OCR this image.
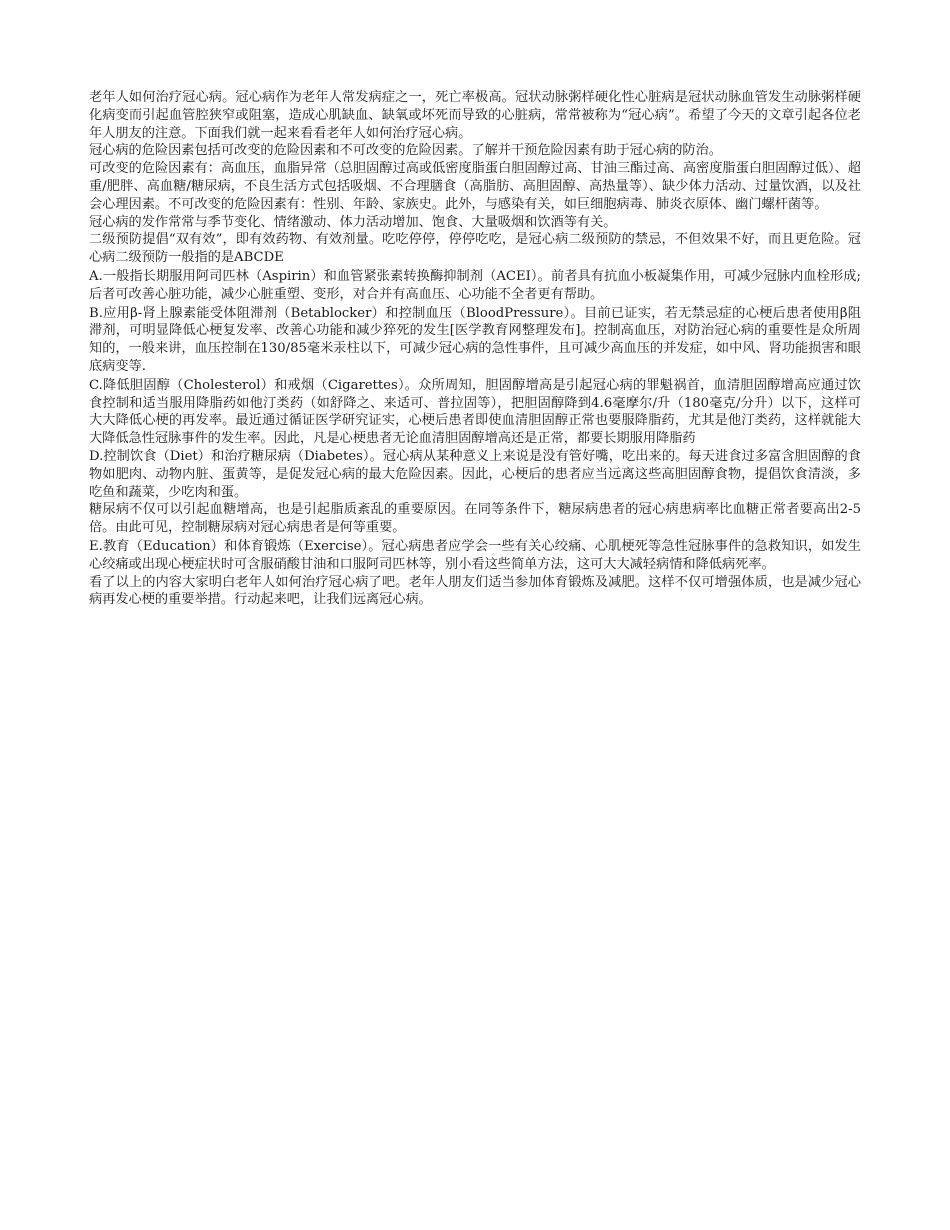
老年人如何治疗冠心病。冠心病作为老年人常发病症之一，死亡率极高。冠状动脉粥样硬化性心脏病是冠状动脉血管发生动脉粥样硬化病变而引起血管腔狭窄或阻塞，造成心肌缺血、缺氧或坏死而导致的心脏病，常常被称为“冠心病”。希望了今天的文章引起各位老年人朋友的注意。下面我们就一起来看看老年人如何治疗冠心病。

冠心病的危险因素包括可改变的危险因素和不可改变的危险因素。了解并干预危险因素有助于冠心病的防治。

可改变的危险因素有：高血压，血脂异常（总胆固醇过高或低密度脂蛋白胆固醇过高、甘油三酯过高、高密度脂蛋白胆固醇过低）、超重/肥胖、高血糖/糖尿病，不良生活方式包括吸烟、不合理膳食（高脂肪、高胆固醇、高热量等）、缺少体力活动、过量饮酒，以及社会心理因素。不可改变的危险因素有：性别、年龄、家族史。此外，与感染有关，如巨细胞病毒、肺炎衣原体、幽门螺杆菌等。

冠心病的发作常常与季节变化、情绪激动、体力活动增加、饱食、大量吸烟和饮酒等有关。

二级预防提倡“双有效”，即有效药物、有效剂量。吃吃停停，停停吃吃，是冠心病二级预防的禁忌，不但效果不好，而且更危险。冠心病二级预防一般指的是ABCDE

A.一般指长期服用阿司匹林（Aspirin）和血管紧张素转换酶抑制剂（ACEI）。前者具有抗血小板凝集作用，可减少冠脉内血栓形成;后者可改善心脏功能，减少心脏重塑、变形，对合并有高血压、心功能不全者更有帮助。

B.应用β-肾上腺素能受体阻滞剂（Betablocker）和控制血压（BloodPressure）。目前已证实，若无禁忌症的心梗后患者使用β阻滞剂，可明显降低心梗复发率、改善心功能和减少猝死的发生[医学教育网整理发布]。控制高血压，对防治冠心病的重要性是众所周知的，一般来讲，血压控制在130/85毫米汞柱以下，可减少冠心病的急性事件，且可减少高血压的并发症，如中风、肾功能损害和眼底病变等.

C.降低胆固醇（Cholesterol）和戒烟（Cigarettes）。众所周知，胆固醇增高是引起冠心病的罪魁祸首，血清胆固醇增高应通过饮食控制和适当服用降脂药如他汀类药（如舒降之、来适可、普拉固等），把胆固醇降到4.6毫摩尔/升（180毫克/分升）以下，这样可大大降低心梗的再发率。最近通过循证医学研究证实，心梗后患者即使血清胆固醇正常也要服降脂药，尤其是他汀类药，这样就能大大降低急性冠脉事件的发生率。因此，凡是心梗患者无论血清胆固醇增高还是正常，都要长期服用降脂药

D.控制饮食（Diet）和治疗糖尿病（Diabetes）。冠心病从某种意义上来说是没有管好嘴，吃出来的。每天进食过多富含胆固醇的食物如肥肉、动物内脏、蛋黄等，是促发冠心病的最大危险因素。因此，心梗后的患者应当远离这些高胆固醇食物，提倡饮食清淡，多吃鱼和蔬菜，少吃肉和蛋。

糖尿病不仅可以引起血糖增高，也是引起脂质紊乱的重要原因。在同等条件下，糖尿病患者的冠心病患病率比血糖正常者要高出2-5倍。由此可见，控制糖尿病对冠心病患者是何等重要。

E.教育（Education）和体育锻炼（Exercise）。冠心病患者应学会一些有关心绞痛、心肌梗死等急性冠脉事件的急救知识，如发生心绞痛或出现心梗症状时可含服硝酸甘油和口服阿司匹林等，别小看这些简单方法，这可大大减轻病情和降低病死率。

看了以上的内容大家明白老年人如何治疗冠心病了吧。老年人朋友们适当参加体育锻炼及减肥。这样不仅可增强体质，也是减少冠心病再发心梗的重要举措。行动起来吧，让我们远离冠心病。
